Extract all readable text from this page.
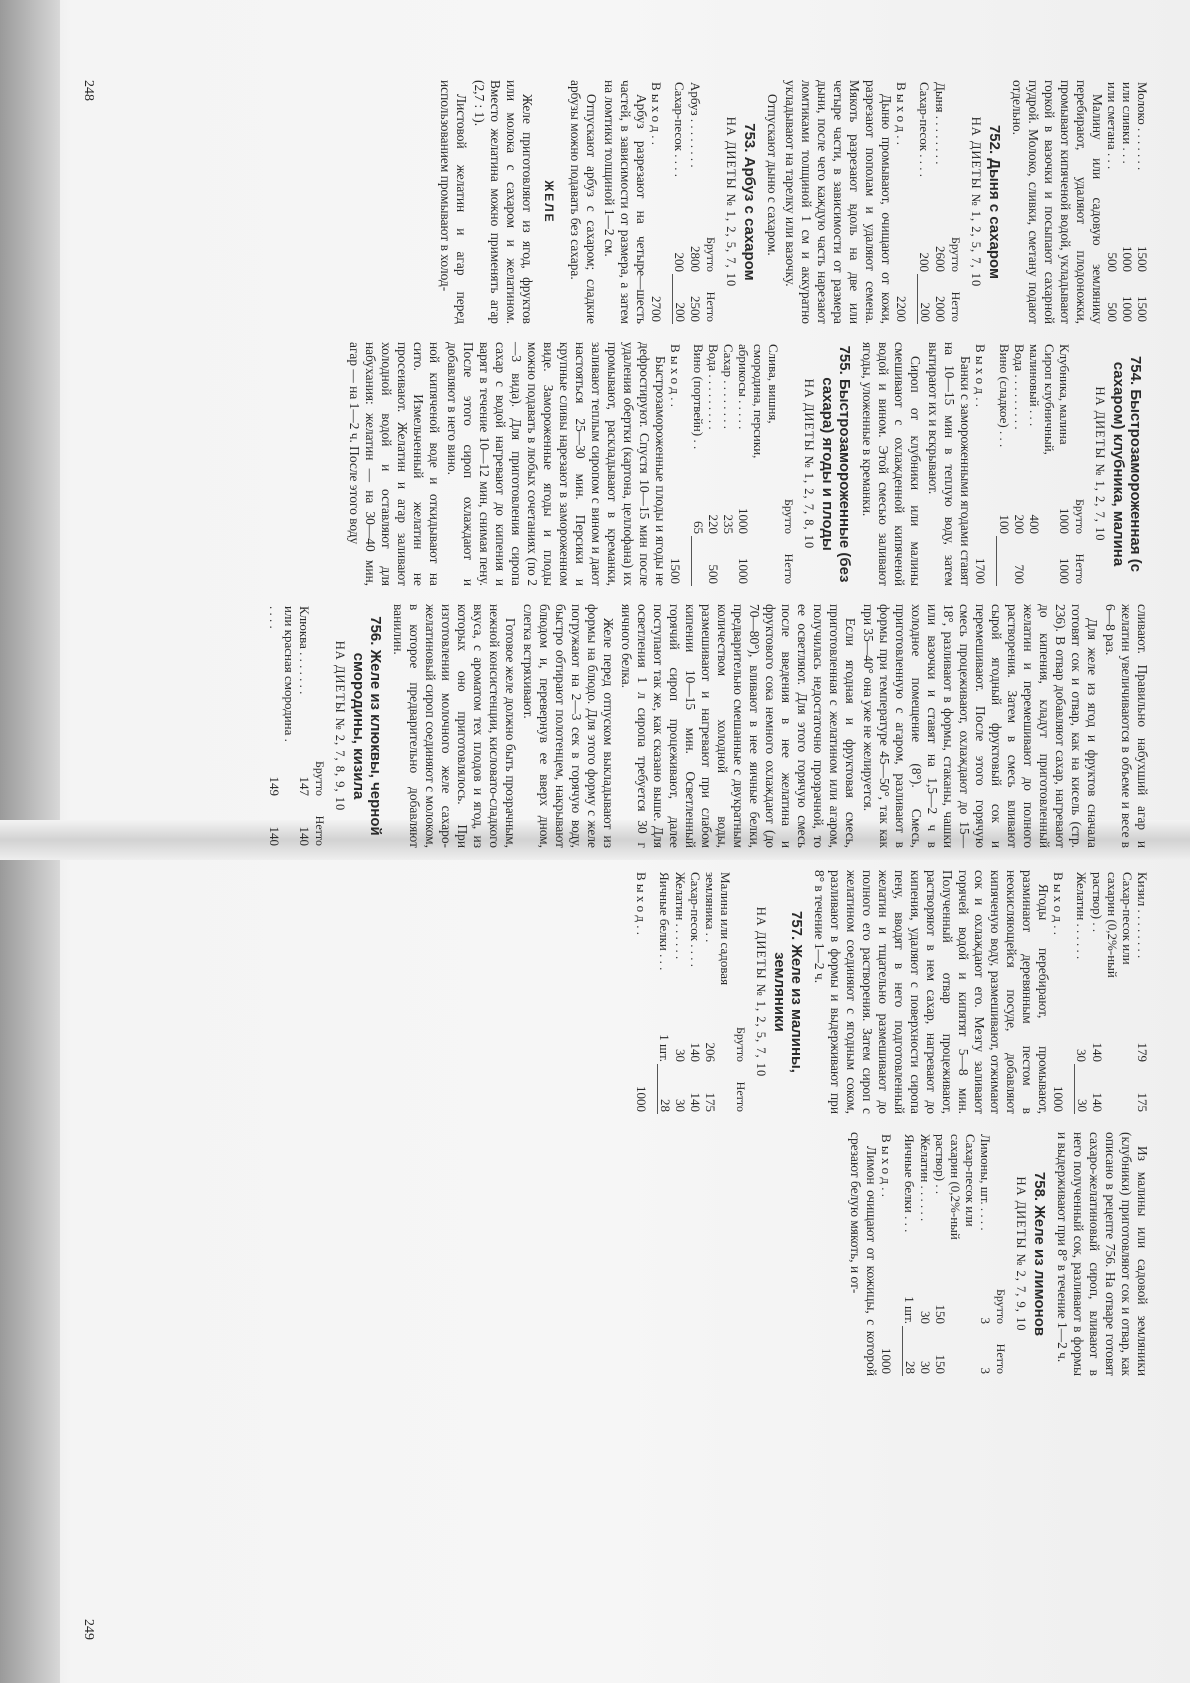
Молоко . . . . . . .	1500	1500
или сливки . . .	1000	1000
или сметана . . .	500	500

Малину или садовую землянику перебирают, удаляют плодоножки, промывают кипяченой водой, укладывают горкой в вазочки и посыпают сахарной пудрой. Молоко, сливки, сметану подают отдельно.

752. Дыня с сахаром
НА ДИЕТЫ № 1, 2, 5, 7, 10
	Брутто	Нетто
Дыня . . . . . . . .	2600	2000
Сахар-песок . . . .	200	200
В ы х о д . .		2200

Дыню промывают, очищают от кожи, разрезают пополам и удаляют семена. Мякоть разрезают вдоль на две или четыре части, в зависимости от размера дыни, после чего каждую часть нарезают ломтиками толщиной 1 см и аккуратно укладывают на тарелку или вазочку.

Отпускают дыню с сахаром.

753. Арбуз с сахаром
НА ДИЕТЫ № 1, 2, 5, 7, 10
	Брутто	Нетто
Арбуз . . . . . . . .	2800	2500
Сахар-песок . . . .	200	200
В ы х о д . .		2700

Арбуз разрезают на четыре—шесть частей, в зависимости от размера, а затем на ломтики толщиной 1—2 см.

Отпускают арбуз с сахаром; сладкие арбузы можно подавать без сахара.

ЖЕЛЕ

Желе приготовляют из ягод, фруктов или молока с сахаром и желатином. Вместо желатина можно применять агар (2,7 : 1).

Листовой желатин и агар перед использованием промывают в холод-

754. Быстрозамороженная (с сахаром) клубника, малина
НА ДИЕТЫ № 1, 2, 7, 10
	Брутто	Нетто
Клубника, малина	1000	1000
Сироп клубничный,		
малиновый . . .	400	
Вода . . . . . . . . .	200	700
Вино (сладкое) . . .	100	
В ы х о д . .		1700

Банки с замороженными ягодами ставят на 10—15 мин в теплую воду, затем вытирают их и вскрывают.

Сироп от клубники или малины смешивают с охлажденной кипяченой водой и вином. Этой смесью заливают ягоды, уложенные в креманки.

755. Быстрозамороженные (без сахара) ягоды и плоды
НА ДИЕТЫ № 1, 2, 7, 8, 10
	Брутто	Нетто
Слива, вишня, смородина, персики,		
абрикосы . . . . .	1000	1000
Сахар . . . . . . . .	235	
Вода . . . . . . . . .	220	500
Вино (портвейн) . .	65	
В ы х о д . .		1500

Быстрозамороженные плоды и ягоды не дефростируют. Спустя 10—15 мин после удаления обертки (картона, целлофана) их промывают, раскладывают в креманки, заливают теплым сиропом с вином и дают настояться 25—30 мин. Персики и крупные сливы нарезают в замороженном виде. Замороженные ягоды и плоды можно подавать в любых сочетаниях (по 2—3 вида). Для приготовления сиропа сахар с водой нагревают до кипения и варят в течение 10—12 мин, снимая пену. После этого сироп охлаждают и добавляют в него вино.

ной кипяченой воде и откидывают на сито. Измельченный желатин не просеивают. Желатин и агар заливают холодной водой и оставляют для набухания: желатин — на 30—40 мин, агар — на 1—2 ч. После этого воду

сливают. Правильно набухший агар и желатин увеличиваются в объеме и весе в 6—8 раз.

Для желе из ягод и фруктов сначала готовят сок и отвар, как на кисель (стр. 236). В отвар добавляют сахар, нагревают до кипения, кладут приготовленный желатин и перемешивают до полного растворения. Затем в смесь вливают сырой ягодный фруктовый сок и перемешивают. После этого горячую смесь процеживают, охлаждают до 15—18°, разливают в формы, стаканы, чашки или вазочки и ставят на 1,5—2 ч в холодное помещение (8°). Смесь, приготовленную с агаром, разливают в формы при температуре 45—50°, так как при 35—40° она уже не желируется.

Если ягодная и фруктовая смесь, приготовленная с желатином или агаром, получилась недостаточно прозрачной, то ее осветляют. Для этого горячую смесь после введения в нее желатина и фруктового сока немного охлаждают (до 70—80°), вливают в нее яичные белки, предварительно смешанные с двукратным количеством холодной воды, размешивают и нагревают при слабом кипении 10—15 мин. Осветленный горячий сироп процеживают, далее поступают так же, как сказано выше. Для осветления 1 л сиропа требуется 30 г яичного белка.

Желе перед отпуском выкладывают из формы на блюдо. Для этого форму с желе погружают на 2—3 сек в горячую воду, быстро обтирают полотенцем, накрывают блюдом и, перевернув ее вверх дном, слегка встряхивают.

Готовое желе должно быть прозрачным, нежной консистенции, кисловато-сладкого вкуса, с ароматом тех плодов и ягод, из которых оно приготовлялось. При изготовлении молочного желе сахаро-желатиновый сироп соединяют с молоком, в которое предварительно добавляют ванилин.

756. Желе из клюквы, черной смородины, кизила
НА ДИЕТЫ № 2, 7, 8, 9, 10
	Брутто	Нетто
Клюква . . . . . . .	147	140
или красная смородина . . . . .	149	140
248
Кизил . . . . . . . .	179	175
Сахар-песок или сахарин (0,2%-ный раствор) . .	140	140
Желатин . . . . . .	30	30
В ы х о д . .		1000

Ягоды перебирают, промывают, разминают деревянным пестом в неокисляющейся посуде, добавляют кипяченую воду, размешивают, отжимают сок и охлаждают его. Мезгу заливают горячей водой и кипятят 5—8 мин. Полученный отвар процеживают, растворяют в нем сахар, нагревают до кипения, удаляют с поверхности сиропа пену, вводят в него подготовленный желатин и тщательно размешивают до полного его растворения. Затем сироп с желатином соединяют с ягодным соком, разливают в формы и выдерживают при 8° в течение 1—2 ч.

757. Желе из малины, земляники
НА ДИЕТЫ № 1, 2, 5, 7, 10
	Брутто	Нетто
Малина или садовая земляника . .	206	175
Сахар-песок . . . .	140	140
Желатин . . . . . .	30	30
Яичные белки . . .	1 шт.	28
В ы х о д . .		1000

Из малины или садовой земляники (клубники) приготовляют сок и отвар, как описано в рецепте 756. На отваре готовят сахаро-желатиновый сироп, вливают в него полученный сок, разливают в формы и выдерживают при 8° в течение 1—2 ч.

758. Желе из лимонов
НА ДИЕТЫ № 2, 7, 9, 10
	Брутто	Нетто
Лимоны, шт. . . . .	3	3
Сахар-песок или сахарин (0,2%-ный раствор) . .	150	150
Желатин . . . . . .	30	30
Яичные белки . . .	1 шт.	28
В ы х о д . .		1000

Лимон очищают от кожицы, с которой срезают белую мякоть, и от-

249
